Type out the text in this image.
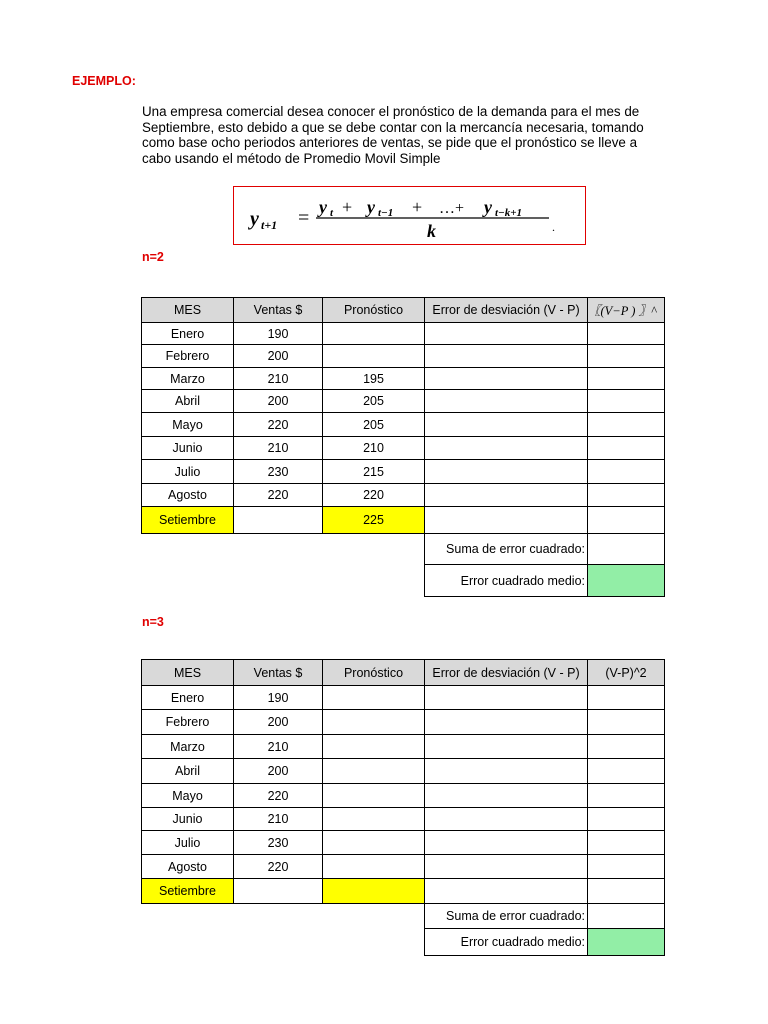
EJEMPLO:
Una empresa comercial desea conocer el pronóstico de la demanda para el mes de Septiembre, esto debido a que se debe contar con la mercancía necesaria, tomando como base ocho periodos anteriores de ventas, se pide que el pronóstico se lleve a cabo usando el método de Promedio Movil Simple
y t+1 = y t + y t−1 + …+ y t−k+1
k	.
n=2
MES	Ventas $	Pronóstico	Error de desviación (V - P)	〖(V−P ) 〗^
Enero	190			
Febrero	200			
Marzo	210	195		
Abril	200	205		
Mayo	220	205		
Junio	210	210		
Julio	230	215		
Agosto	220	220		
Setiembre		225		
			Suma de error cuadrado:	
			Error cuadrado medio:	
n=3
MES	Ventas $	Pronóstico	Error de desviación (V - P)	(V-P)^2
Enero	190			
Febrero	200			
Marzo	210			
Abril	200			
Mayo	220			
Junio	210			
Julio	230			
Agosto	220			
Setiembre				
			Suma de error cuadrado:	
			Error cuadrado medio:	
